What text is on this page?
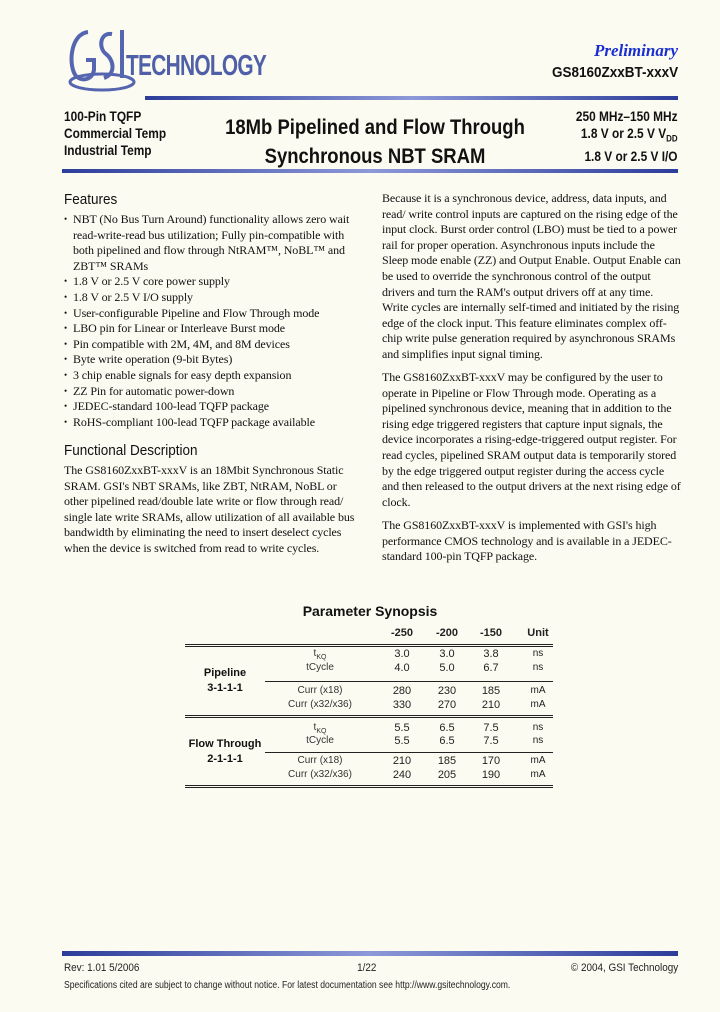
TECHNOLOGY	Preliminary
GS8160ZxxBT-xxxV
100-Pin TQFP
Commercial Temp
Industrial Temp
18Mb Pipelined and Flow Through
Synchronous NBT SRAM
250 MHz–150 MHz
1.8 V or 2.5 V $V_{DD}$
1.8 V or 2.5 V I/O
Features
• NBT (No Bus Turn Around) functionality allows zero wait
read-write-read bus utilization; Fully pin-compatible with
both pipelined and flow through NtRAM™, NoBL™ and
ZBT™ SRAMs
• 1.8 V or 2.5 V core power supply
• 1.8 V or 2.5 V I/O supply
• User-configurable Pipeline and Flow Through mode
• LBO pin for Linear or Interleave Burst mode
• Pin compatible with 2M, 4M, and 8M devices
• Byte write operation (9-bit Bytes)
• 3 chip enable signals for easy depth expansion
• ZZ Pin for automatic power-down
• JEDEC-standard 100-lead TQFP package
• RoHS-compliant 100-lead TQFP package available
Functional Description
The GS8160ZxxBT-xxxV is an 18Mbit Synchronous Static
SRAM. GSI's NBT SRAMs, like ZBT, NtRAM, NoBL or
other pipelined read/double late write or flow through read/
single late write SRAMs, allow utilization of all available bus
bandwidth by eliminating the need to insert deselect cycles
when the device is switched from read to write cycles.
Because it is a synchronous device, address, data inputs, and
read/ write control inputs are captured on the rising edge of the
input clock. Burst order control (LBO) must be tied to a power
rail for proper operation. Asynchronous inputs include the
Sleep mode enable (ZZ) and Output Enable. Output Enable can
be used to override the synchronous control of the output
drivers and turn the RAM's output drivers off at any time.
Write cycles are internally self-timed and initiated by the rising
edge of the clock input. This feature eliminates complex off-
chip write pulse generation required by asynchronous SRAMs
and simplifies input signal timing.
The GS8160ZxxBT-xxxV may be configured by the user to
operate in Pipeline or Flow Through mode. Operating as a
pipelined synchronous device, meaning that in addition to the
rising edge triggered registers that capture input signals, the
device incorporates a rising-edge-triggered output register. For
read cycles, pipelined SRAM output data is temporarily stored
by the edge triggered output register during the access cycle
and then released to the output drivers at the next rising edge of
clock.
The GS8160ZxxBT-xxxV is implemented with GSI's high
performance CMOS technology and is available in a JEDEC-
standard 100-pin TQFP package.
Parameter Synopsis
Rev: 1.01 5/2006	1/22	© 2004, GSI Technology
Specifications cited are subject to change without notice. For latest documentation see http://www.gsitechnology.com.
-250	-200	-150	Unit
Pipeline
3-1-1-1
$t_{KQ}$	3.0	3.0	3.8	ns
tCycle	4.0	5.0	6.7	ns
Curr (x18)	280	230	185	mA
Curr (x32/x36)	330	270	210	mA
Flow Through
2-1-1-1
$t_{KQ}$	5.5	6.5	7.5	ns
tCycle	5.5	6.5	7.5	ns
Curr (x18)	210	185	170	mA
Curr (x32/x36)	240	205	190	mA
